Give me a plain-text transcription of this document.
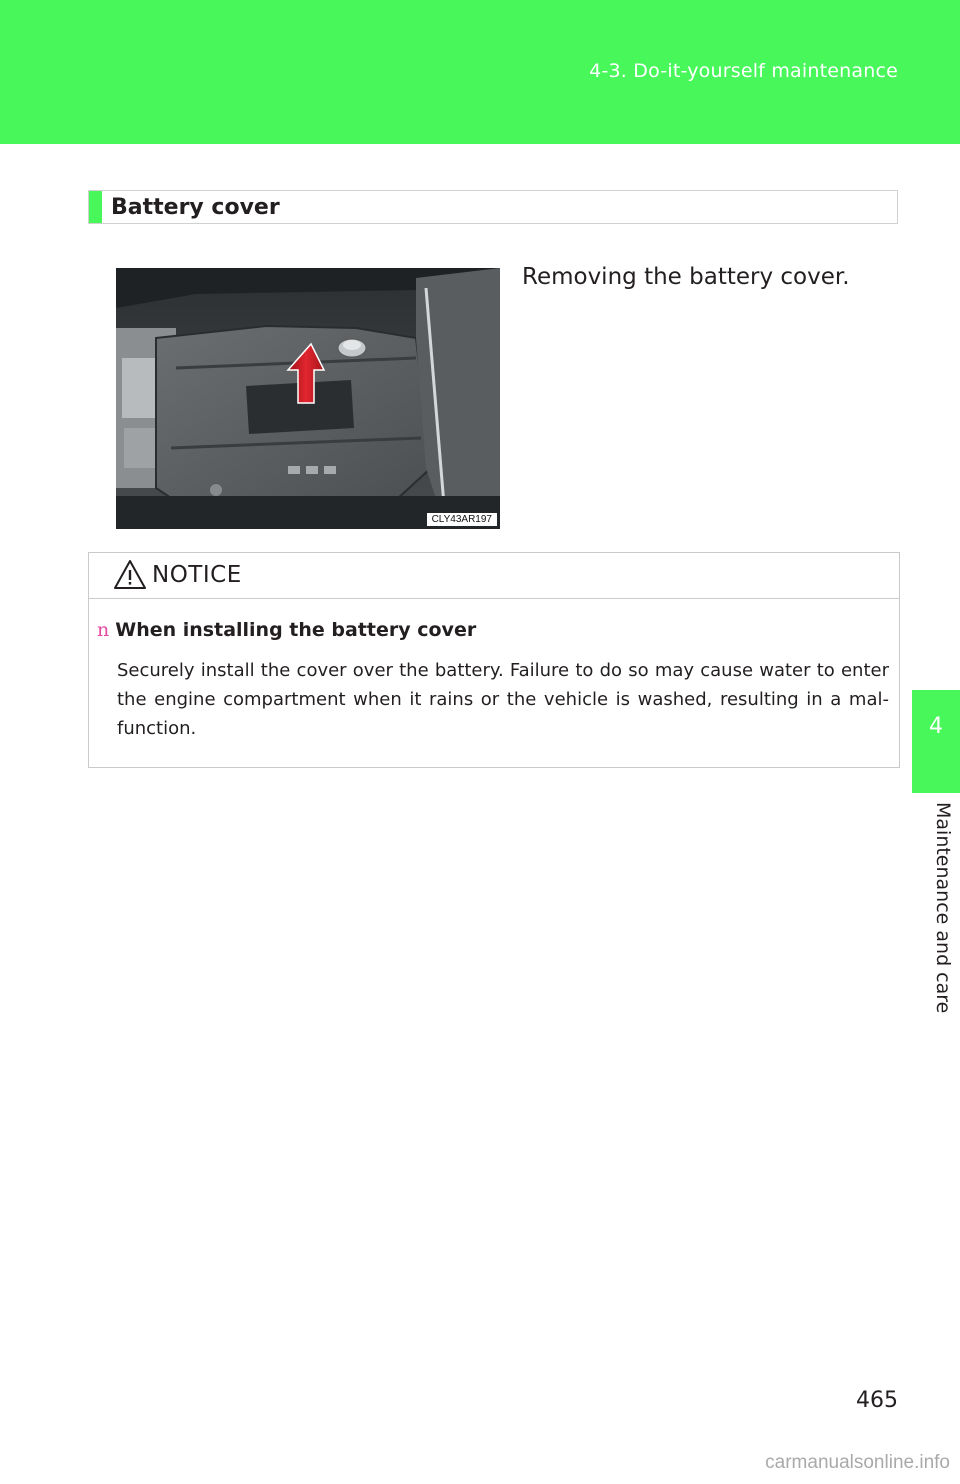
4-3. Do-it-yourself maintenance
4
Maintenance and care
Battery cover
CLY43AR197
Removing the battery cover.
NOTICE
n When installing the battery cover

Securely install the cover over the battery. Failure to do so may cause water to enter the engine compartment when it rains or the vehicle is washed, resulting in a mal-function.

465
carmanualsonline.info
